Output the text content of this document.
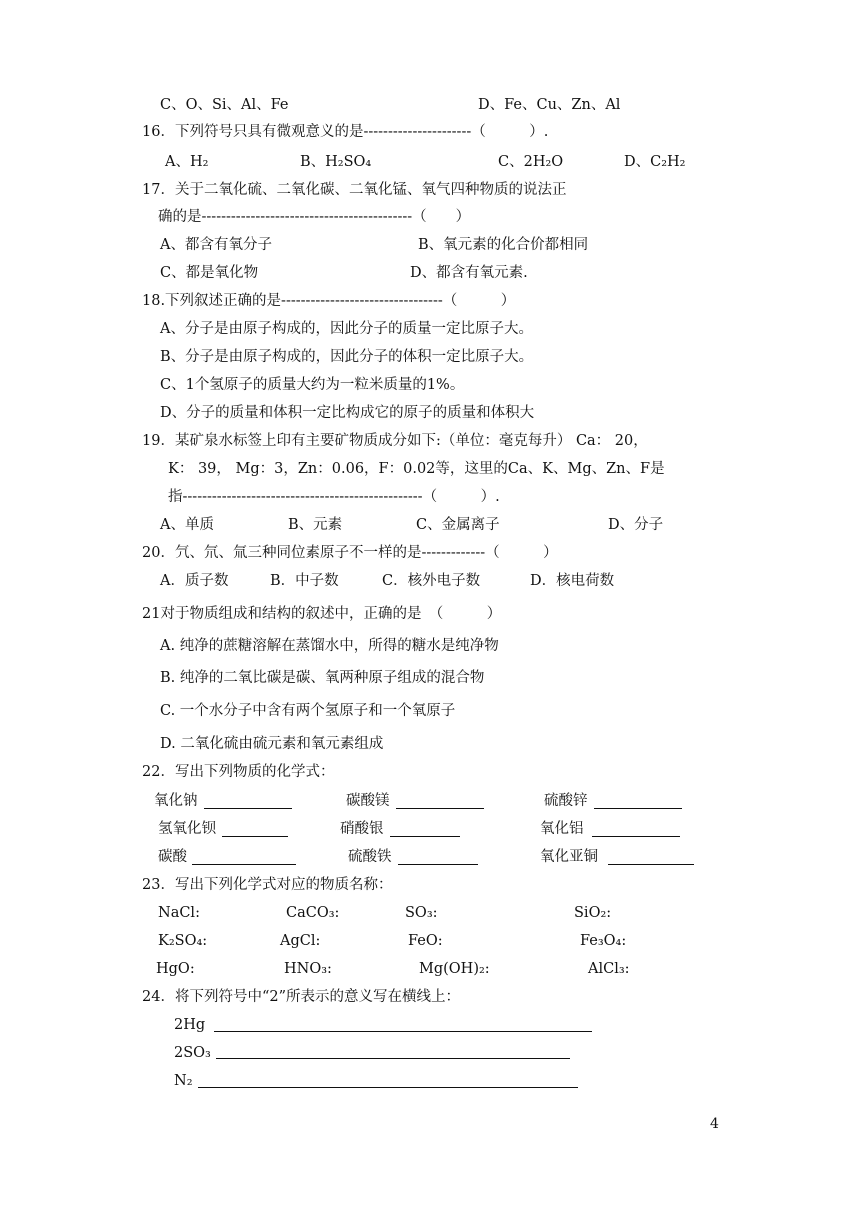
C、O、Si、Al、Fe	D、Fe、Cu、Zn、Al
16．下列符号只具有微观意义的是----------------------（　　　）.
A、H₂	B、H₂SO₄	C、2H₂O	D、C₂H₂
17．关于二氧化硫、二氧化碳、二氧化锰、氧气四种物质的说法正
确的是-------------------------------------------（　　）
A、都含有氧分子	B、氧元素的化合价都相同
C、都是氧化物	D、都含有氧元素.
18.下列叙述正确的是---------------------------------（　　　）
A、分子是由原子构成的，因此分子的质量一定比原子大。
B、分子是由原子构成的，因此分子的体积一定比原子大。
C、1个氢原子的质量大约为一粒米质量的1%。
D、分子的质量和体积一定比构成它的原子的质量和体积大
19．某矿泉水标签上印有主要矿物质成分如下:（单位：毫克每升） Ca： 20，
K： 39， Mg：3，Zn：0.06，F：0.02等，这里的Ca、K、Mg、Zn、F是
指-------------------------------------------------（　　　）.
A、单质	B、元素	C、金属离子	D、分子
20．氕、氘、氚三种同位素原子不一样的是-------------（　　　）
A．质子数	B．中子数	C．核外电子数	D．核电荷数
21对于物质组成和结构的叙述中，正确的是　（　　　）
A. 纯净的蔗糖溶解在蒸馏水中，所得的糖水是纯净物
B. 纯净的二氧比碳是碳、氧两种原子组成的混合物
C. 一个水分子中含有两个氢原子和一个氧原子
D. 二氧化硫由硫元素和氧元素组成
22．写出下列物质的化学式：
氧化钠	碳酸镁	硫酸锌
氢氧化钡	硝酸银	氧化铝
碳酸	硫酸铁	氧化亚铜
23．写出下列化学式对应的物质名称：
NaCl:	CaCO₃:	SO₃:	SiO₂:
K₂SO₄:	AgCl:	FeO:	Fe₃O₄:
HgO:	HNO₃:	Mg(OH)₂:	AlCl₃:
24．将下列符号中“2”所表示的意义写在横线上：
2Hg
2SO₃
N₂
4
